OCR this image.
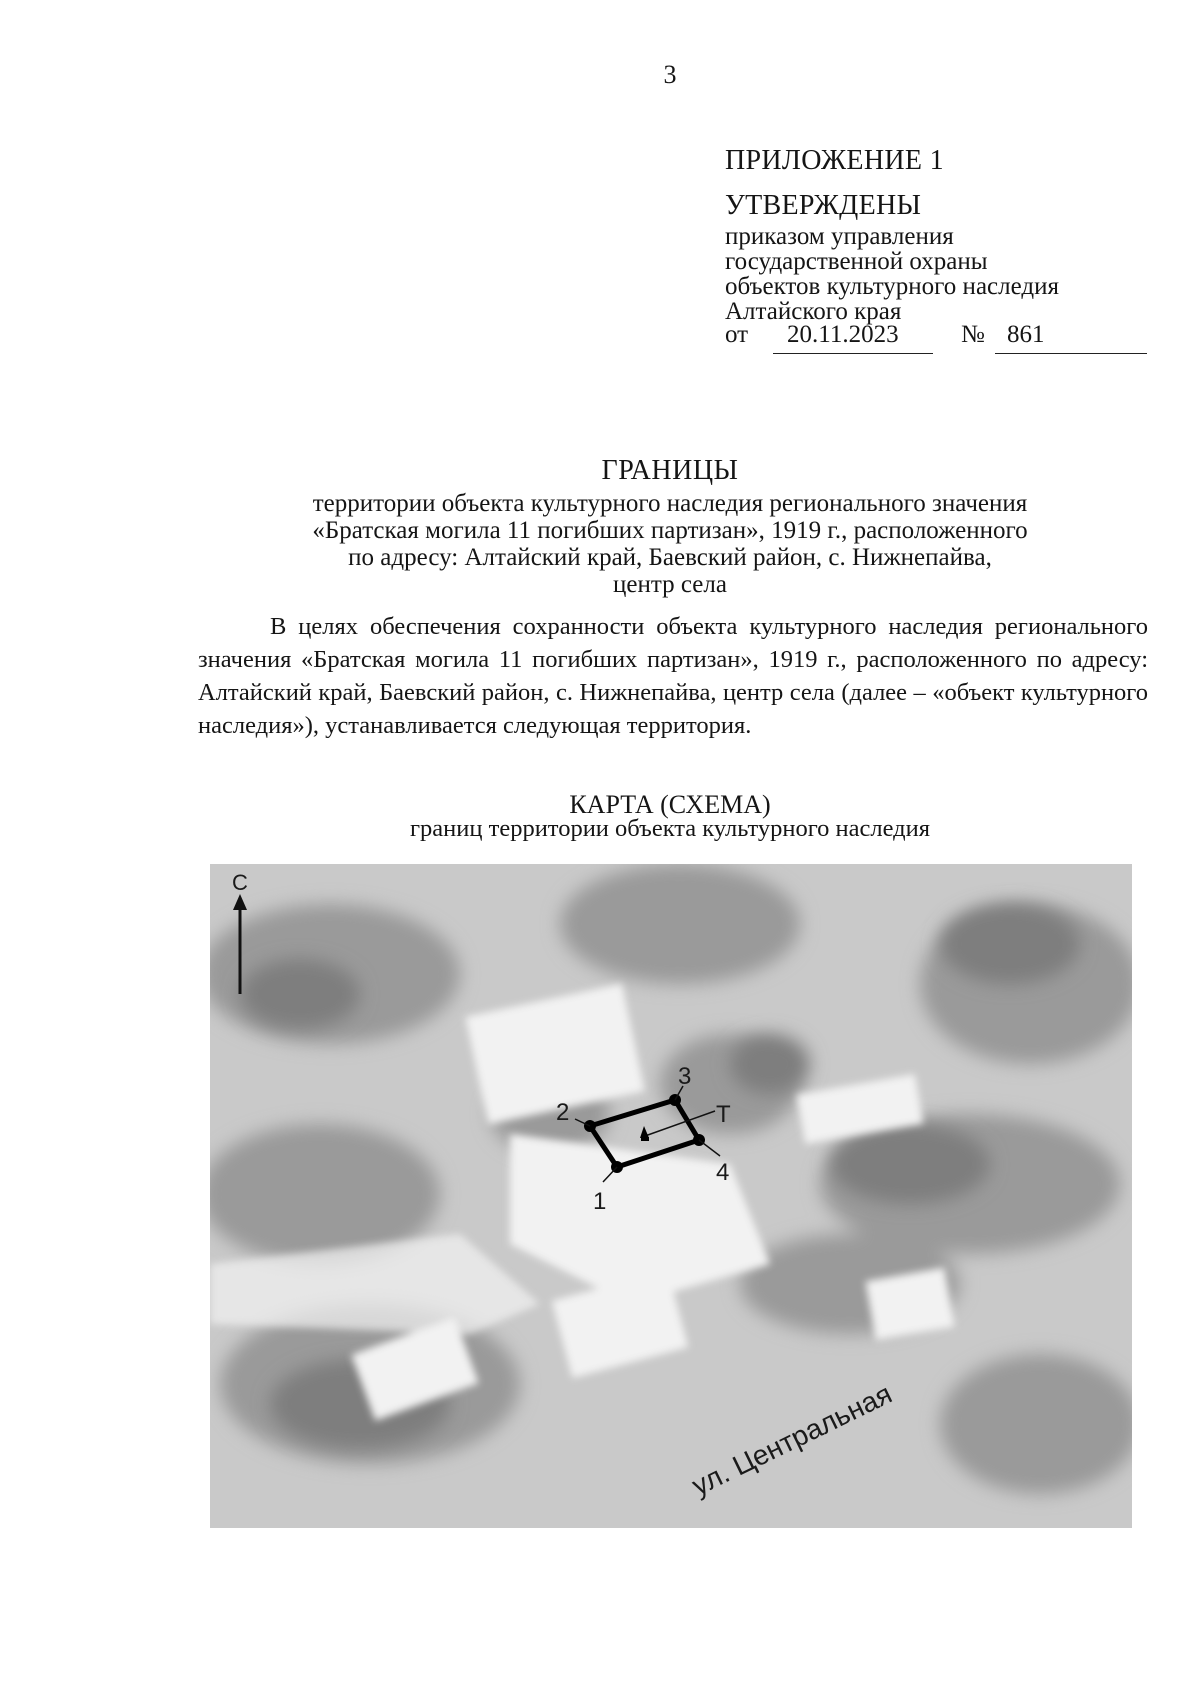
3
ПРИЛОЖЕНИЕ 1
УТВЕРЖДЕНЫ
приказом управления
государственной охраны
объектов культурного наследия
Алтайского края
от 20.11.2023 № 861
ГРАНИЦЫ
территории объекта культурного наследия регионального значения
«Братская могила 11 погибших партизан», 1919 г., расположенного
по адресу: Алтайский край, Баевский район, с. Нижнепайва,
центр села
В целях обеспечения сохранности объекта культурного наследия регионального значения «Братская могила 11 погибших партизан», 1919 г., расположенного по адресу: Алтайский край, Баевский район, с. Нижнепайва, центр села (далее – «объект культурного наследия»), устанавливается следующая территория.
КАРТА (СХЕМА)
границ территории объекта культурного наследия
С
1
2
3
4
T
ул. Центральная
